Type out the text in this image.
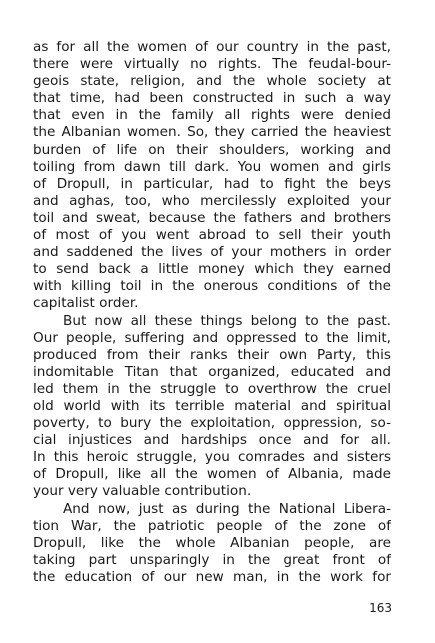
as for all the women of our country in the past,
there were virtually no rights. The feudal-bour-
geois state, religion, and the whole society at
that time, had been constructed in such a way
that even in the family all rights were denied
the Albanian women. So, they carried the heaviest
burden of life on their shoulders, working and
toiling from dawn till dark. You women and girls
of Dropull, in particular, had to fight the beys
and aghas, too, who mercilessly exploited your
toil and sweat, because the fathers and brothers
of most of you went abroad to sell their youth
and saddened the lives of your mothers in order
to send back a little money which they earned
with killing toil in the onerous conditions of the
capitalist order.
But now all these things belong to the past.
Our people, suffering and oppressed to the limit,
produced from their ranks their own Party, this
indomitable Titan that organized, educated and
led them in the struggle to overthrow the cruel
old world with its terrible material and spiritual
poverty, to bury the exploitation, oppression, so-
cial injustices and hardships once and for all.
In this heroic struggle, you comrades and sisters
of Dropull, like all the women of Albania, made
your very valuable contribution.
And now, just as during the National Libera-
tion War, the patriotic people of the zone of
Dropull, like the whole Albanian people, are
taking part unsparingly in the great front of
the education of our new man, in the work for
163
